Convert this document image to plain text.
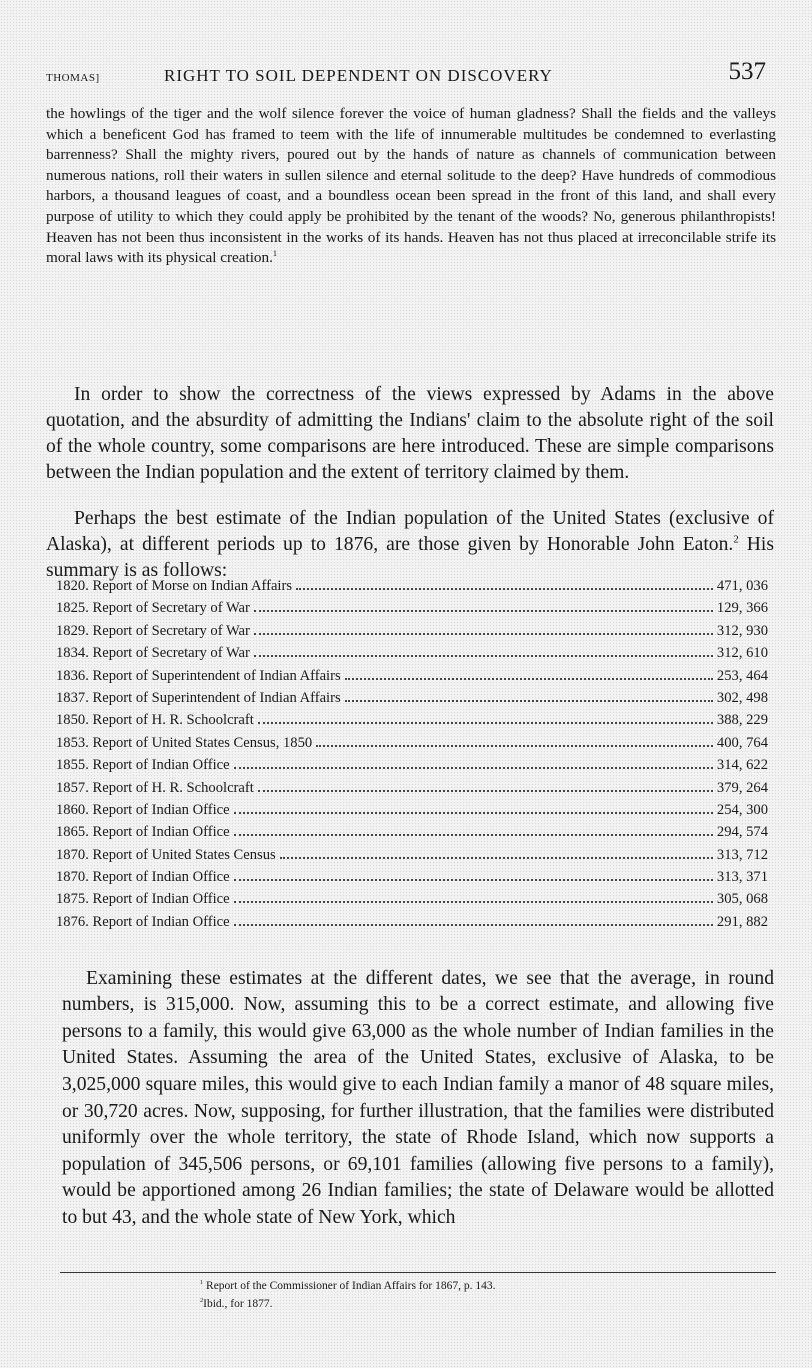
THOMAS]	RIGHT TO SOIL DEPENDENT ON DISCOVERY	537

the howlings of the tiger and the wolf silence forever the voice of human gladness? Shall the fields and the valleys which a beneficent God has framed to teem with the life of innumerable multitudes be condemned to everlasting barrenness? Shall the mighty rivers, poured out by the hands of nature as channels of communication between numerous nations, roll their waters in sullen silence and eternal solitude to the deep? Have hundreds of commodious harbors, a thousand leagues of coast, and a boundless ocean been spread in the front of this land, and shall every purpose of utility to which they could apply be prohibited by the tenant of the woods? No, generous philanthropists! Heaven has not been thus inconsistent in the works of its hands. Heaven has not thus placed at irreconcilable strife its moral laws with its physical creation.$^1$

In order to show the correctness of the views expressed by Adams in the above quotation, and the absurdity of admitting the Indians' claim to the absolute right of the soil of the whole country, some comparisons are here introduced. These are simple comparisons between the Indian population and the extent of territory claimed by them.

Perhaps the best estimate of the Indian population of the United States (exclusive of Alaska), at different periods up to 1876, are those given by Honorable John Eaton.$^2$ His summary is as follows:

1820. Report of Morse on Indian Affairs	471, 036
1825. Report of Secretary of War	129, 366
1829. Report of Secretary of War	312, 930
1834. Report of Secretary of War	312, 610
1836. Report of Superintendent of Indian Affairs	253, 464
1837. Report of Superintendent of Indian Affairs	302, 498
1850. Report of H. R. Schoolcraft	388, 229
1853. Report of United States Census, 1850	400, 764
1855. Report of Indian Office	314, 622
1857. Report of H. R. Schoolcraft	379, 264
1860. Report of Indian Office	254, 300
1865. Report of Indian Office	294, 574
1870. Report of United States Census	313, 712
1870. Report of Indian Office	313, 371
1875. Report of Indian Office	305, 068
1876. Report of Indian Office	291, 882

Examining these estimates at the different dates, we see that the average, in round numbers, is 315,000. Now, assuming this to be a correct estimate, and allowing five persons to a family, this would give 63,000 as the whole number of Indian families in the United States. Assuming the area of the United States, exclusive of Alaska, to be 3,025,000 square miles, this would give to each Indian family a manor of 48 square miles, or 30,720 acres. Now, supposing, for further illustration, that the families were distributed uniformly over the whole territory, the state of Rhode Island, which now supports a population of 345,506 persons, or 69,101 families (allowing five persons to a family), would be apportioned among 26 Indian families; the state of Delaware would be allotted to but 43, and the whole state of New York, which

$^1$ Report of the Commissioner of Indian Affairs for 1867, p. 143.
$^2$Ibid., for 1877.
